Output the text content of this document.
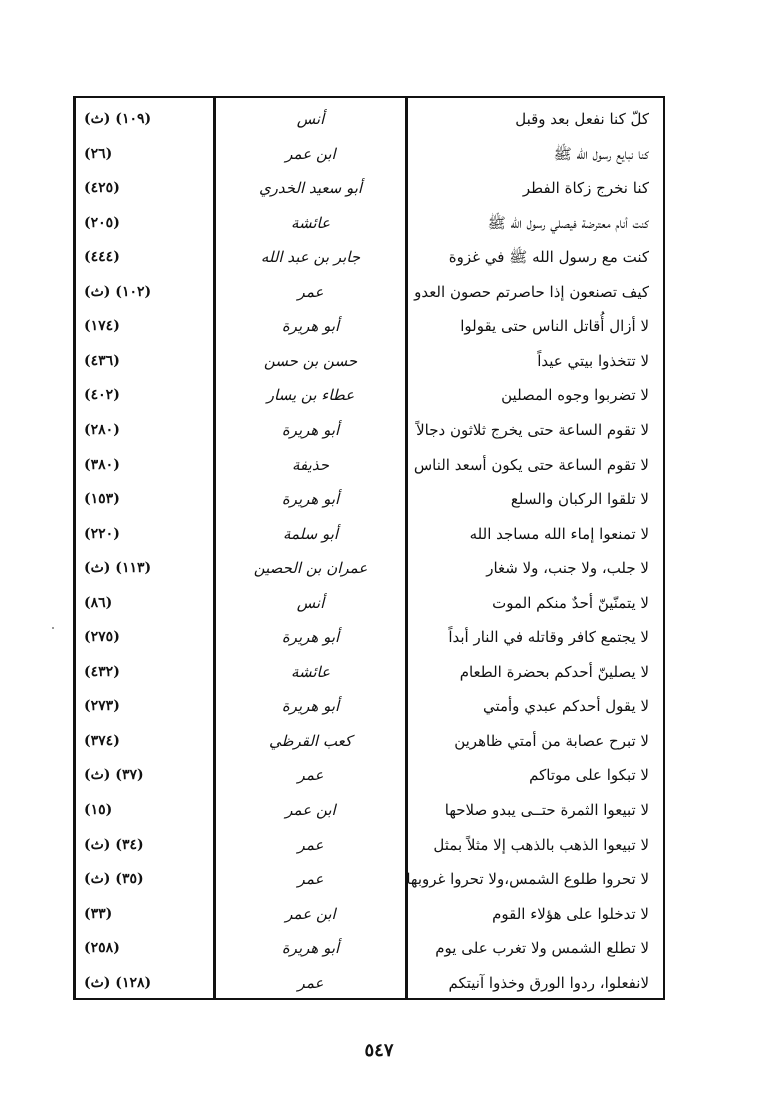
كلّ كنا نفعل بعد وقبل
أنس
(١٠٩) (ث)
كنا نبايع رسول الله ﷺ
ابن عمر
(٢٦)
كنا نخرج زكاة الفطر
أبو سعيد الخدري
(٤٢٥)
كنت أنام معترضة فيصلي رسول الله ﷺ
عائشة
(٢٠٥)
كنت مع رسول الله ﷺ في غزوة
جابر بن عبد الله
(٤٤٤)
كيف تصنعون إذا حاصرتم حصون العدو
عمر
(١٠٢) (ث)
لا أزال أُقاتل الناس حتى يقولوا
أبو هريرة
(١٧٤)
لا تتخذوا بيتي عيداً
حسن بن حسن
(٤٣٦)
لا تضربوا وجوه المصلين
عطاء بن يسار
(٤٠٢)
لا تقوم الساعة حتى يخرج ثلاثون دجالاً
أبو هريرة
(٢٨٠)
لا تقوم الساعة حتى يكون أسعد الناس
حذيفة
(٣٨٠)
لا تلقوا الركبان والسلع
أبو هريرة
(١٥٣)
لا تمنعوا إماء الله مساجد الله
أبو سلمة
(٢٢٠)
لا جلب، ولا جنب، ولا شغار
عمران بن الحصين
(١١٣) (ث)
لا يتمنّينّ أحدٌ منكم الموت
أنس
(٨٦)
لا يجتمع كافر وقاتله في النار أبداً
أبو هريرة
(٢٧٥)
لا يصلينّ أحدكم بحضرة الطعام
عائشة
(٤٣٢)
لا يقول أحدكم عبدي وأمتي
أبو هريرة
(٢٧٣)
لا تبرح عصابة من أمتي ظاهرين
كعب القرظي
(٣٧٤)
لا تبكوا على موتاكم
عمر
(٣٧) (ث)
لا تبيعوا الثمرة حتــى يبدو صلاحها
ابن عمر
(١٥)
لا تبيعوا الذهب بالذهب إلا مثلاً بمثل
عمر
(٣٤) (ث)
لا تحروا طلوع الشمس،ولا تحروا غروبها
عمر
(٣٥) (ث)
لا تدخلوا على هؤلاء القوم
ابن عمر
(٣٣)
لا تطلع الشمس ولا تغرب على يوم
أبو هريرة
(٢٥٨)
لانفعلوا، ردوا الورق وخذوا آنيتكم
عمر
(١٢٨) (ث)
٥٤٧
